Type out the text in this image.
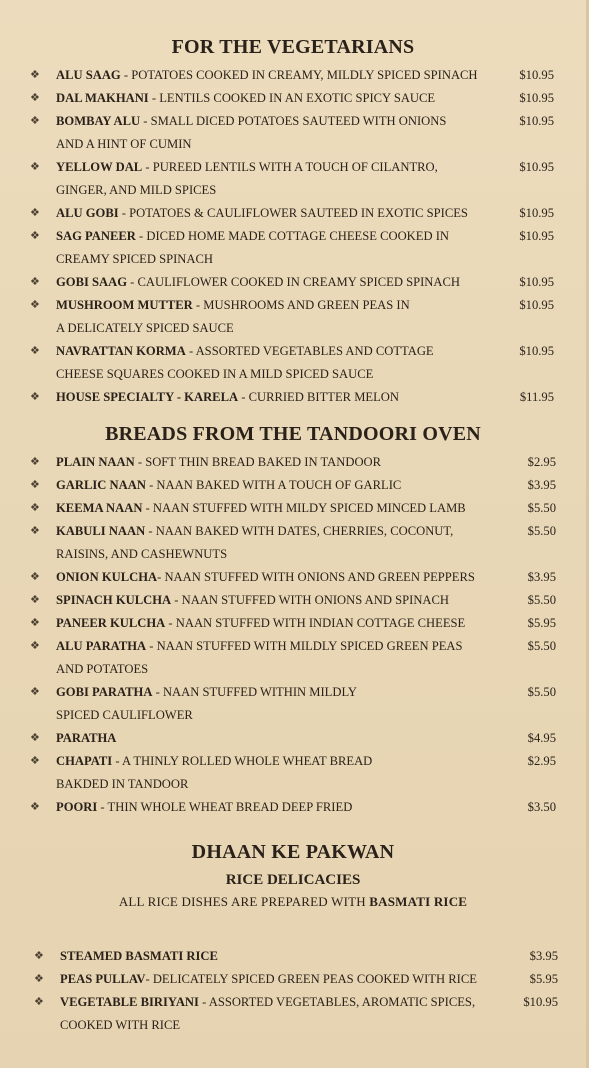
FOR THE VEGETARIANS
❖ ALU SAAG - POTATOES COOKED IN CREAMY, MILDLY SPICED SPINACH	$10.95
❖ DAL MAKHANI - LENTILS COOKED IN AN EXOTIC SPICY SAUCE	$10.95
❖ BOMBAY ALU - SMALL DICED POTATOES SAUTEED WITH ONIONS
AND A HINT OF CUMIN
$10.95
❖ YELLOW DAL - PUREED LENTILS WITH A TOUCH OF CILANTRO,
GINGER, AND MILD SPICES
$10.95
❖ ALU GOBI - POTATOES & CAULIFLOWER SAUTEED IN EXOTIC SPICES	$10.95
❖ SAG PANEER - DICED HOME MADE COTTAGE CHEESE COOKED IN
CREAMY SPICED SPINACH
$10.95
❖ GOBI SAAG - CAULIFLOWER COOKED IN CREAMY SPICED SPINACH	$10.95
❖ MUSHROOM MUTTER - MUSHROOMS AND GREEN PEAS IN
A DELICATELY SPICED SAUCE
$10.95
❖ NAVRATTAN KORMA - ASSORTED VEGETABLES AND COTTAGE
CHEESE SQUARES COOKED IN A MILD SPICED SAUCE
$10.95
❖ HOUSE SPECIALTY - KARELA - CURRIED BITTER MELON	$11.95
BREADS FROM THE TANDOORI OVEN
❖ PLAIN NAAN - SOFT THIN BREAD BAKED IN TANDOOR	$2.95
❖ GARLIC NAAN - NAAN BAKED WITH A TOUCH OF GARLIC	$3.95
❖ KEEMA NAAN - NAAN STUFFED WITH MILDY SPICED MINCED LAMB	$5.50
❖ KABULI NAAN - NAAN BAKED WITH DATES, CHERRIES, COCONUT,
RAISINS, AND CASHEWNUTS
$5.50
❖ ONION KULCHA- NAAN STUFFED WITH ONIONS AND GREEN PEPPERS	$3.95
❖ SPINACH KULCHA - NAAN STUFFED WITH ONIONS AND SPINACH	$5.50
❖ PANEER KULCHA - NAAN STUFFED WITH INDIAN COTTAGE CHEESE	$5.95
❖ ALU PARATHA - NAAN STUFFED WITH MILDLY SPICED GREEN PEAS
AND POTATOES
$5.50
❖ GOBI PARATHA - NAAN STUFFED WITHIN MILDLY
SPICED CAULIFLOWER
$5.50
❖ PARATHA	$4.95
❖ CHAPATI - A THINLY ROLLED WHOLE WHEAT BREAD
BAKDED IN TANDOOR
$2.95
❖ POORI - THIN WHOLE WHEAT BREAD DEEP FRIED	$3.50
DHAAN KE PAKWAN
RICE DELICACIES
ALL RICE DISHES ARE PREPARED WITH BASMATI RICE
❖ STEAMED BASMATI RICE	$3.95
❖ PEAS PULLAV- DELICATELY SPICED GREEN PEAS COOKED WITH RICE	$5.95
❖ VEGETABLE BIRIYANI - ASSORTED VEGETABLES, AROMATIC SPICES,
COOKED WITH RICE
$10.95
